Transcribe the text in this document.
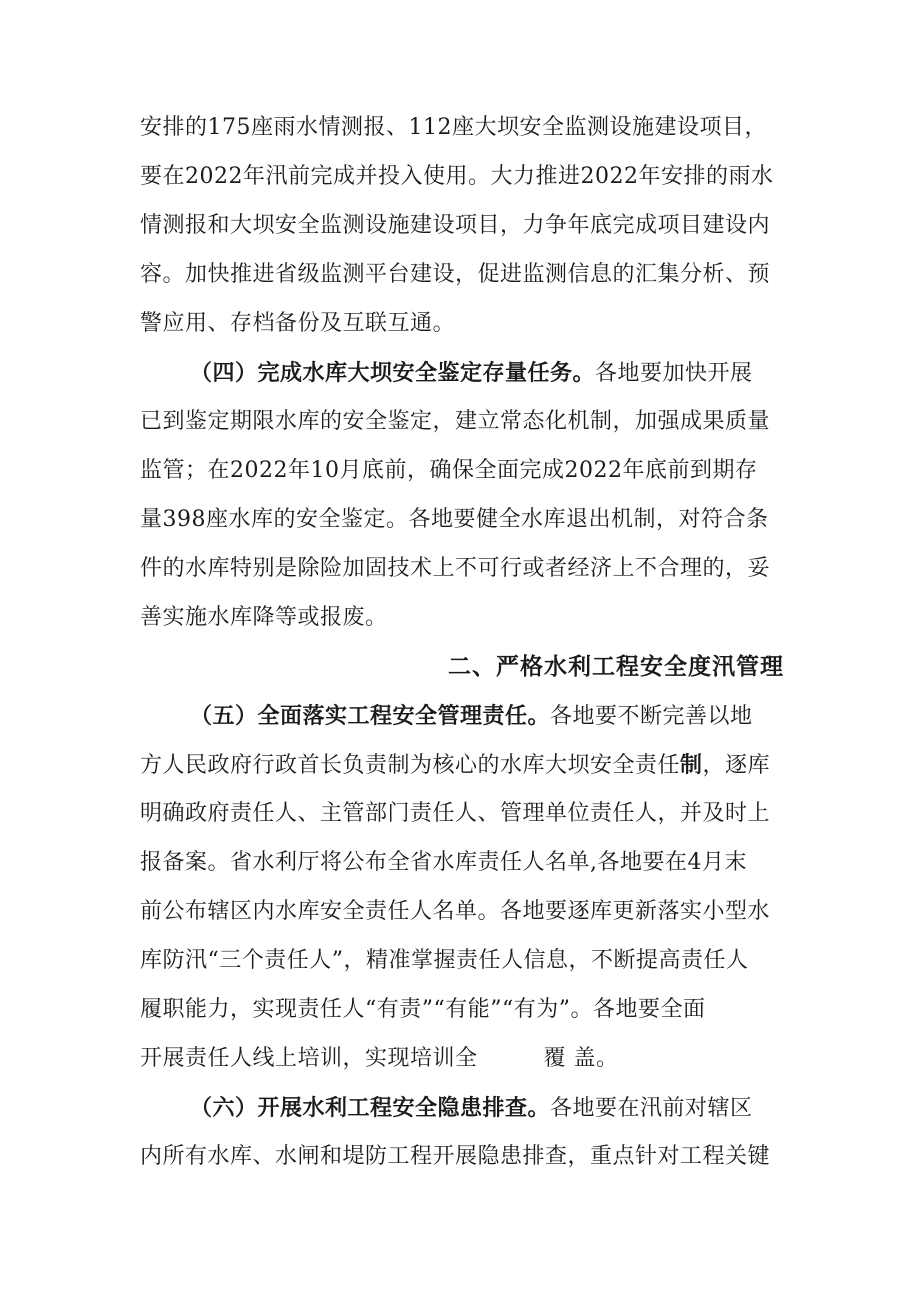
安排的175座雨水情测报、112座大坝安全监测设施建设项目，
要在2022年汛前完成并投入使用。大力推进2022年安排的雨水
情测报和大坝安全监测设施建设项目，力争年底完成项目建设内
容。加快推进省级监测平台建设，促进监测信息的汇集分析、预
警应用、存档备份及互联互通。
（四）完成水库大坝安全鉴定存量任务。各地要加快开展
已到鉴定期限水库的安全鉴定，建立常态化机制，加强成果质量
监管；在2022年10月底前，确保全面完成2022年底前到期存
量398座水库的安全鉴定。各地要健全水库退出机制，对符合条
件的水库特别是除险加固技术上不可行或者经济上不合理的，妥
善实施水库降等或报废。
二、严格水利工程安全度汛管理
（五）全面落实工程安全管理责任。各地要不断完善以地
方人民政府行政首长负责制为核心的水库大坝安全责任制，逐库
明确政府责任人、主管部门责任人、管理单位责任人，并及时上
报备案。省水利厅将公布全省水库责任人名单,各地要在4月末
前公布辖区内水库安全责任人名单。各地要逐库更新落实小型水
库防汛“三个责任人”，精准掌握责任人信息，不断提高责任人
履职能力，实现责任人“有责”“有能”“有为”。各地要全面
开展责任人线上培训，实现培训全	覆 盖。
（六）开展水利工程安全隐患排查。各地要在汛前对辖区
内所有水库、水闸和堤防工程开展隐患排查，重点针对工程关键
